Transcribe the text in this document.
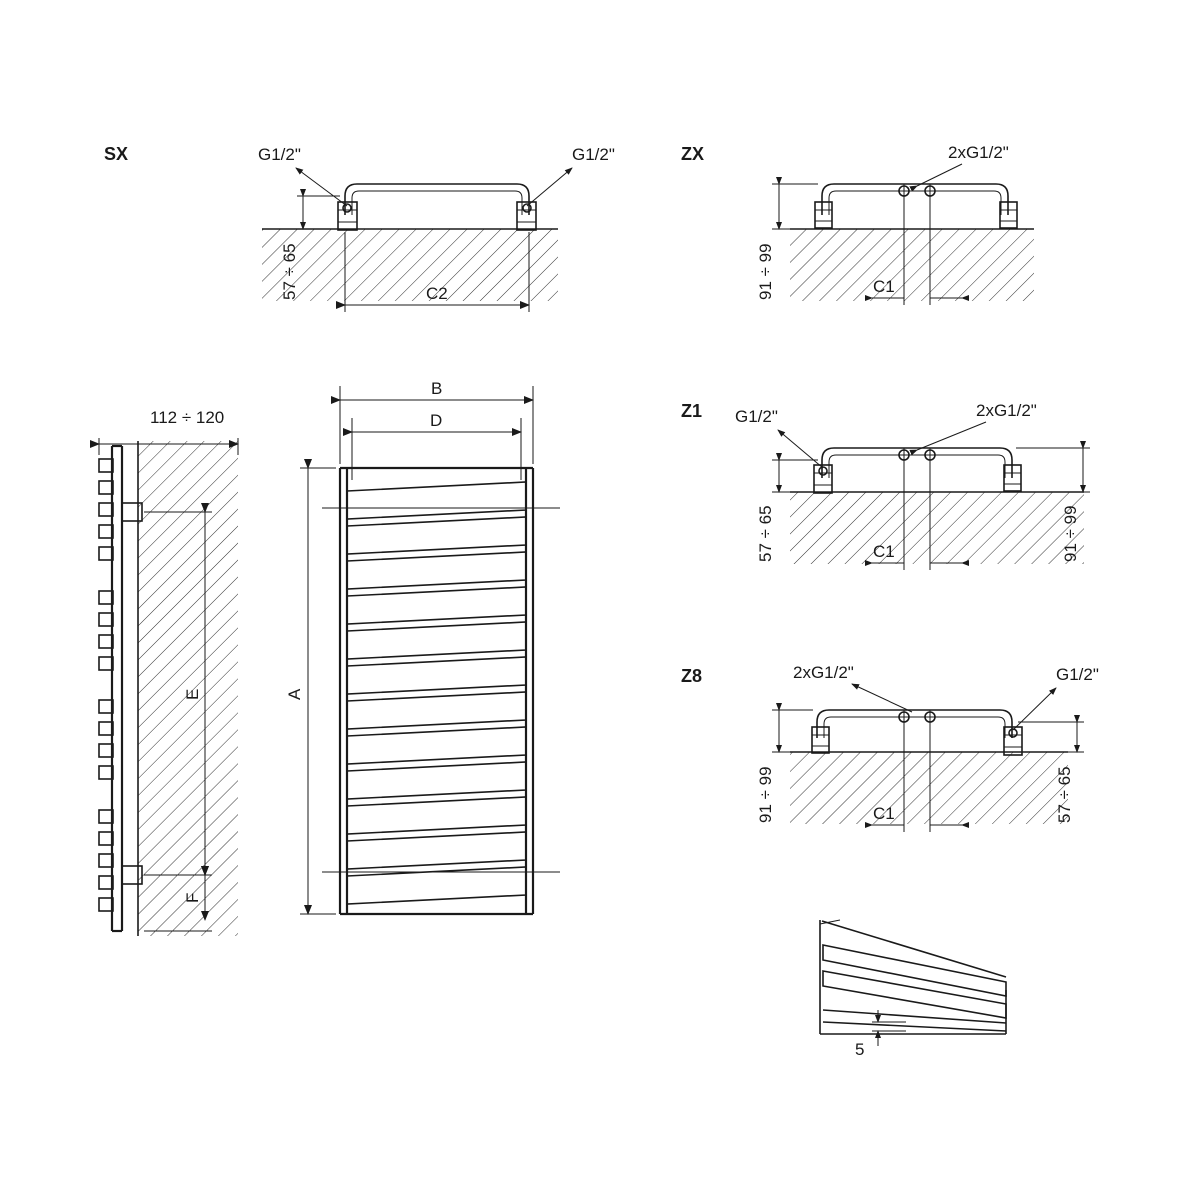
SX	G1/2"	G1/2"
57 ÷ 65	C2
ZX	2xG1/2"
91 ÷ 99	C1
Z1 G1/2"	2xG1/2"
57 ÷ 65	91 ÷ 99
C1
Z8	2xG1/2"	G1/2"
91 ÷ 99	57 ÷ 65
C1
112 ÷ 120
E
F
A
B
D
5
